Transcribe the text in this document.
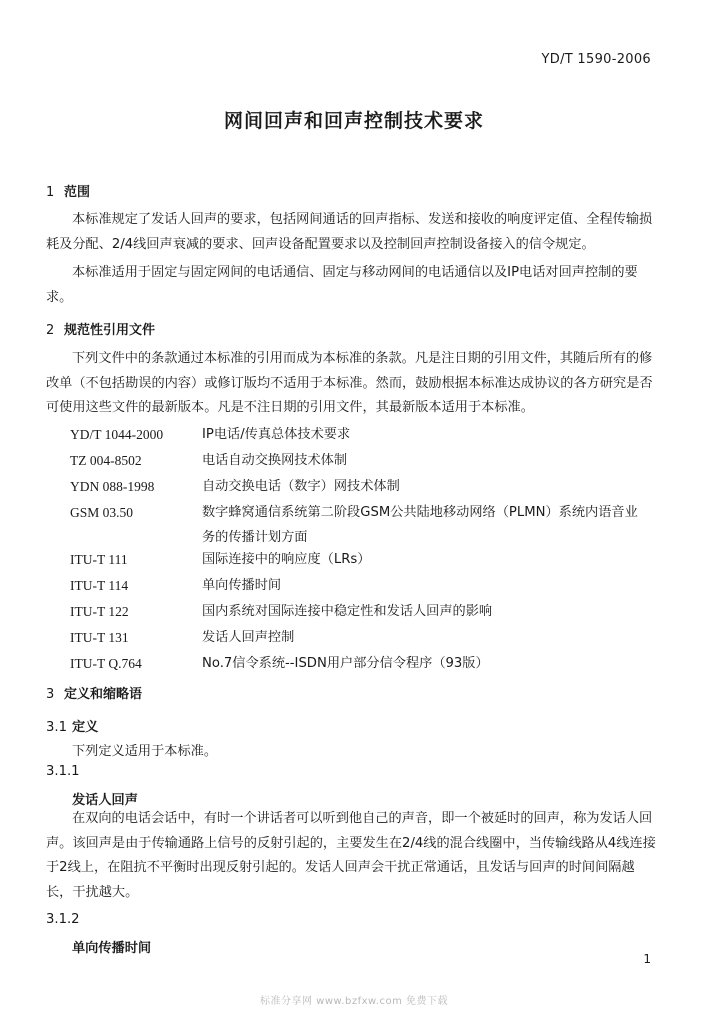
YD/T 1590-2006
网间回声和回声控制技术要求
1 范围
本标准规定了发话人回声的要求，包括网间通话的回声指标、发送和接收的响度评定值、全程传输损耗及分配、2/4线回声衰减的要求、回声设备配置要求以及控制回声控制设备接入的信令规定。
本标准适用于固定与固定网间的电话通信、固定与移动网间的电话通信以及IP电话对回声控制的要求。
2 规范性引用文件
下列文件中的条款通过本标准的引用而成为本标准的条款。凡是注日期的引用文件，其随后所有的修改单（不包括勘误的内容）或修订版均不适用于本标准。然而，鼓励根据本标准达成协议的各方研究是否可使用这些文件的最新版本。凡是不注日期的引用文件，其最新版本适用于本标准。
YD/T 1044-2000	IP电话/传真总体技术要求
TZ 004-8502	电话自动交换网技术体制
YDN 088-1998	自动交换电话（数字）网技术体制
GSM 03.50	数字蜂窝通信系统第二阶段GSM公共陆地移动网络（PLMN）系统内语音业务的传播计划方面
ITU-T 111	国际连接中的响应度（LRs）
ITU-T 114	单向传播时间
ITU-T 122	国内系统对国际连接中稳定性和发话人回声的影响
ITU-T 131	发话人回声控制
ITU-T Q.764	No.7信令系统--ISDN用户部分信令程序（93版）
3 定义和缩略语
3.1 定义
下列定义适用于本标准。
3.1.1
发话人回声
在双向的电话会话中，有时一个讲话者可以听到他自己的声音，即一个被延时的回声，称为发话人回声。该回声是由于传输通路上信号的反射引起的，主要发生在2/4线的混合线圈中，当传输线路从4线连接于2线上，在阻抗不平衡时出现反射引起的。发话人回声会干扰正常通话，且发话与回声的时间间隔越长，干扰越大。
3.1.2
单向传播时间
1
标准分享网 www.bzfxw.com 免费下载
